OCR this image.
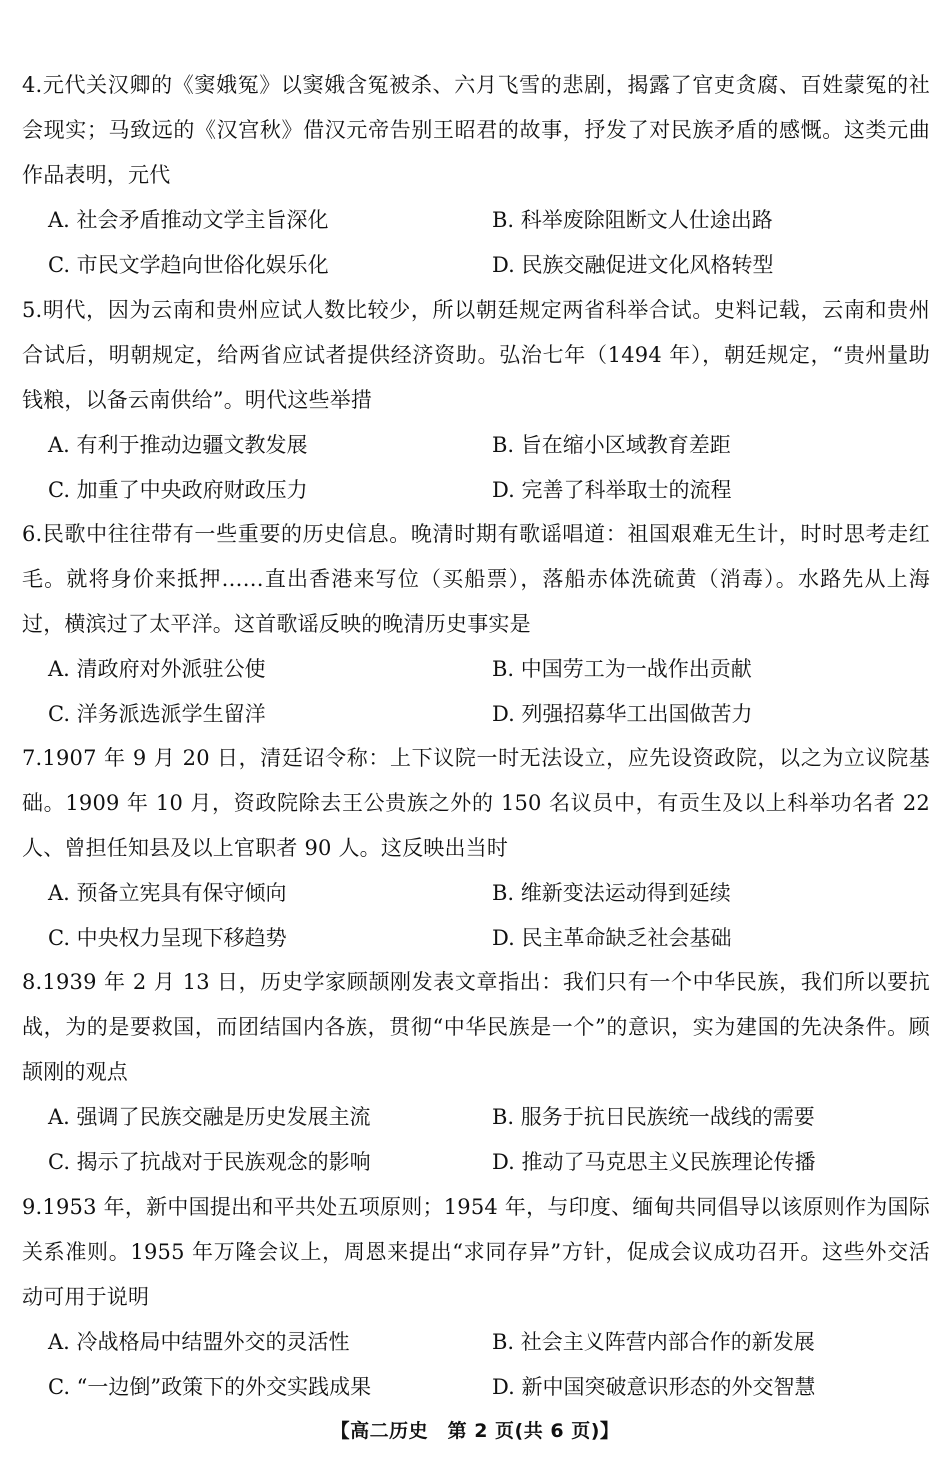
4.元代关汉卿的《窦娥冤》以窦娥含冤被杀、六月飞雪的悲剧，揭露了官吏贪腐、百姓蒙冤的社会现实；马致远的《汉宫秋》借汉元帝告别王昭君的故事，抒发了对民族矛盾的感慨。这类元曲作品表明，元代

A. 社会矛盾推动文学主旨深化	B. 科举废除阻断文人仕途出路
C. 市民文学趋向世俗化娱乐化	D. 民族交融促进文化风格转型

5.明代，因为云南和贵州应试人数比较少，所以朝廷规定两省科举合试。史料记载，云南和贵州合试后，明朝规定，给两省应试者提供经济资助。弘治七年（1494 年），朝廷规定，“贵州量助钱粮，以备云南供给”。明代这些举措

A. 有利于推动边疆文教发展	B. 旨在缩小区域教育差距
C. 加重了中央政府财政压力	D. 完善了科举取士的流程

6.民歌中往往带有一些重要的历史信息。晚清时期有歌谣唱道：祖国艰难无生计，时时思考走红毛。就将身价来抵押……直出香港来写位（买船票），落船赤体洗硫黄（消毒）。水路先从上海过，横滨过了太平洋。这首歌谣反映的晚清历史事实是

A. 清政府对外派驻公使	B. 中国劳工为一战作出贡献
C. 洋务派选派学生留洋	D. 列强招募华工出国做苦力

7.1907 年 9 月 20 日，清廷诏令称：上下议院一时无法设立，应先设资政院，以之为立议院基础。1909 年 10 月，资政院除去王公贵族之外的 150 名议员中，有贡生及以上科举功名者 22 人、曾担任知县及以上官职者 90 人。这反映出当时

A. 预备立宪具有保守倾向	B. 维新变法运动得到延续
C. 中央权力呈现下移趋势	D. 民主革命缺乏社会基础

8.1939 年 2 月 13 日，历史学家顾颉刚发表文章指出：我们只有一个中华民族，我们所以要抗战，为的是要救国，而团结国内各族，贯彻“中华民族是一个”的意识，实为建国的先决条件。顾颉刚的观点

A. 强调了民族交融是历史发展主流	B. 服务于抗日民族统一战线的需要
C. 揭示了抗战对于民族观念的影响	D. 推动了马克思主义民族理论传播

9.1953 年，新中国提出和平共处五项原则；1954 年，与印度、缅甸共同倡导以该原则作为国际关系准则。1955 年万隆会议上，周恩来提出“求同存异”方针，促成会议成功召开。这些外交活动可用于说明

A. 冷战格局中结盟外交的灵活性	B. 社会主义阵营内部合作的新发展
C. “一边倒”政策下的外交实践成果	D. 新中国突破意识形态的外交智慧
【高二历史　第 2 页(共 6 页)】
